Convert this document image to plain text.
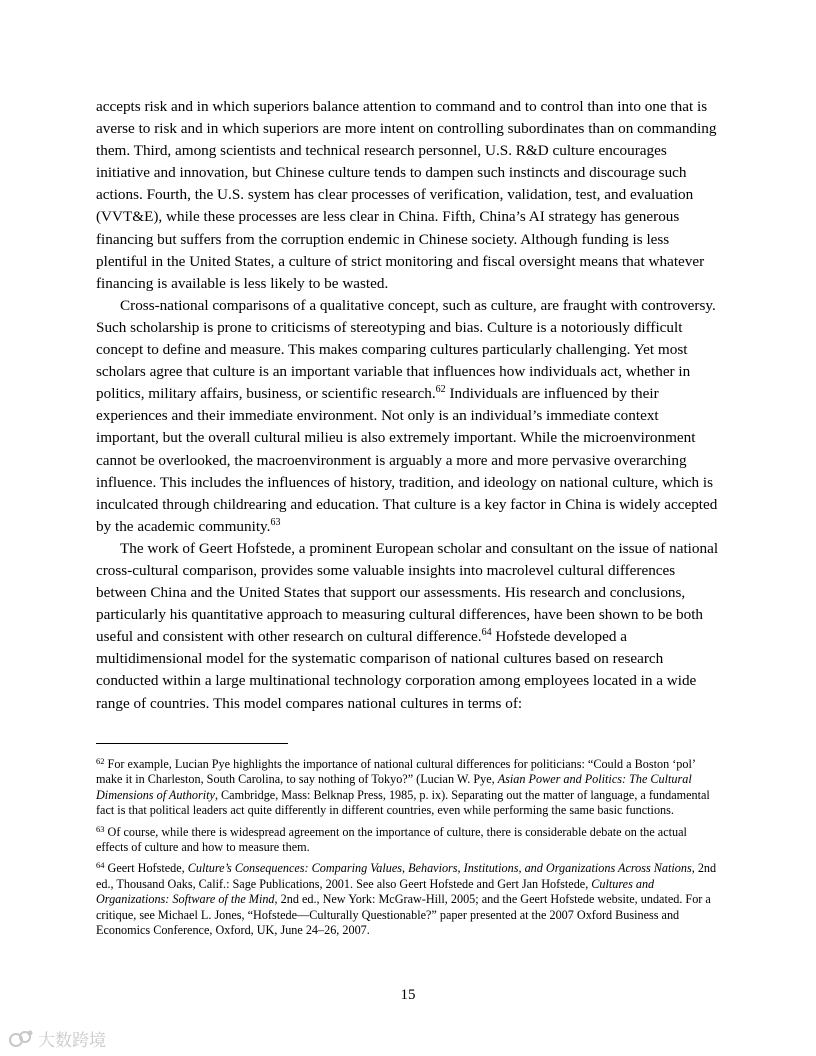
accepts risk and in which superiors balance attention to command and to control than into one that is averse to risk and in which superiors are more intent on controlling subordinates than on commanding them. Third, among scientists and technical research personnel, U.S. R&D culture encourages initiative and innovation, but Chinese culture tends to dampen such instincts and discourage such actions. Fourth, the U.S. system has clear processes of verification, validation, test, and evaluation (VVT&E), while these processes are less clear in China. Fifth, China’s AI strategy has generous financing but suffers from the corruption endemic in Chinese society. Although funding is less plentiful in the United States, a culture of strict monitoring and fiscal oversight means that whatever financing is available is less likely to be wasted.

Cross-national comparisons of a qualitative concept, such as culture, are fraught with controversy. Such scholarship is prone to criticisms of stereotyping and bias. Culture is a notoriously difficult concept to define and measure. This makes comparing cultures particularly challenging. Yet most scholars agree that culture is an important variable that influences how individuals act, whether in politics, military affairs, business, or scientific research.$^{62}$ Individuals are influenced by their experiences and their immediate environment. Not only is an individual’s immediate context important, but the overall cultural milieu is also extremely important. While the microenvironment cannot be overlooked, the macroenvironment is arguably a more and more pervasive overarching influence. This includes the influences of history, tradition, and ideology on national culture, which is inculcated through childrearing and education. That culture is a key factor in China is widely accepted by the academic community.$^{63}$

The work of Geert Hofstede, a prominent European scholar and consultant on the issue of national cross-cultural comparison, provides some valuable insights into macrolevel cultural differences between China and the United States that support our assessments. His research and conclusions, particularly his quantitative approach to measuring cultural differences, have been shown to be both useful and consistent with other research on cultural difference.$^{64}$ Hofstede developed a multidimensional model for the systematic comparison of national cultures based on research conducted within a large multinational technology corporation among employees located in a wide range of countries. This model compares national cultures in terms of:

$^{62}$ For example, Lucian Pye highlights the importance of national cultural differences for politicians: “Could a Boston ‘pol’ make it in Charleston, South Carolina, to say nothing of Tokyo?” (Lucian W. Pye, Asian Power and Politics: The Cultural Dimensions of Authority, Cambridge, Mass: Belknap Press, 1985, p. ix). Separating out the matter of language, a fundamental fact is that political leaders act quite differently in different countries, even while performing the same basic functions.

$^{63}$ Of course, while there is widespread agreement on the importance of culture, there is considerable debate on the actual effects of culture and how to measure them.

$^{64}$ Geert Hofstede, Culture’s Consequences: Comparing Values, Behaviors, Institutions, and Organizations Across Nations, 2nd ed., Thousand Oaks, Calif.: Sage Publications, 2001. See also Geert Hofstede and Gert Jan Hofstede, Cultures and Organizations: Software of the Mind, 2nd ed., New York: McGraw-Hill, 2005; and the Geert Hofstede website, undated. For a critique, see Michael L. Jones, “Hofstede—Culturally Questionable?” paper presented at the 2007 Oxford Business and Economics Conference, Oxford, UK, June 24–26, 2007.

15
大数跨境
